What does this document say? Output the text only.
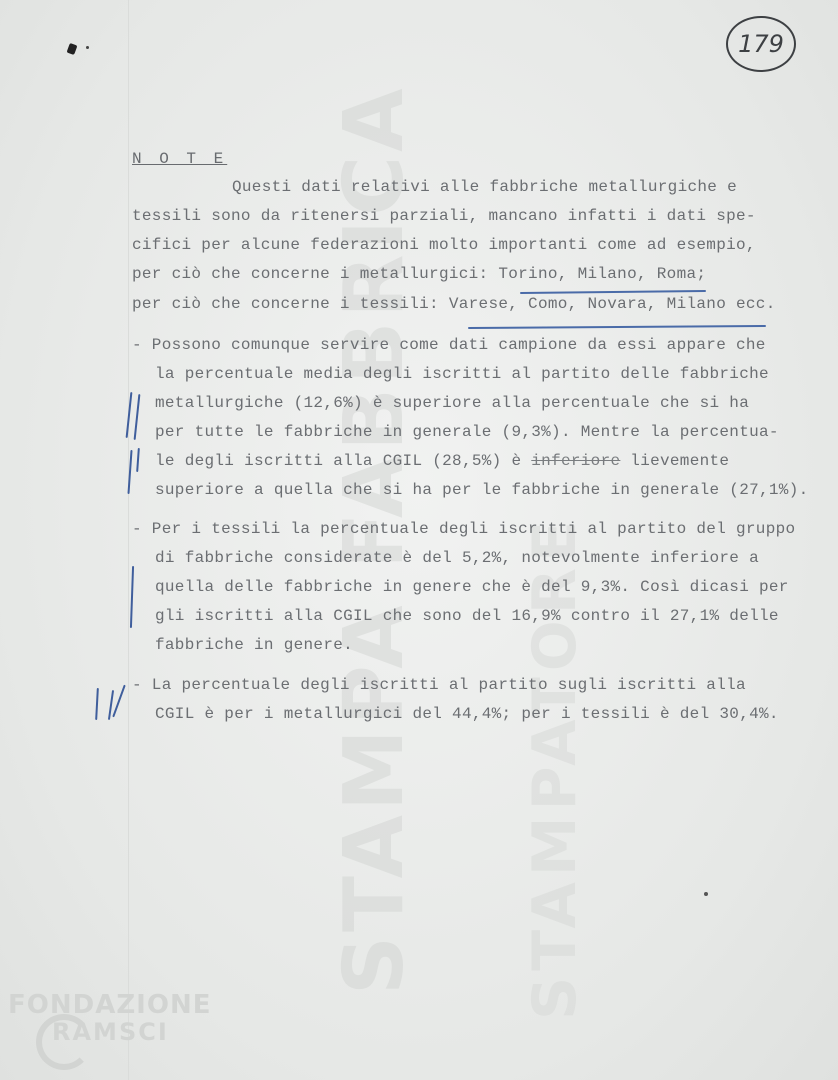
STAMPA FABBRICA	STAMPATORE
179
N O T E
Questi dati relativi alle fabbriche metallurgiche e
tessili sono da ritenersi parziali, mancano infatti i dati spe-
cifici per alcune federazioni molto importanti come ad esempio,
per ciò che concerne i metallurgici: Torino, Milano, Roma;
per ciò che concerne i tessili: Varese, Como, Novara, Milano ecc.
- Possono comunque servire come dati campione da essi appare che
la percentuale media degli iscritti al partito delle fabbriche
metallurgiche (12,6%) è superiore alla percentuale che si ha
per tutte le fabbriche in generale (9,3%). Mentre la percentua-
le degli iscritti alla CGIL (28,5%) è inferiore lievemente
superiore a quella che si ha per le fabbriche in generale (27,1%).
- Per i tessili la percentuale degli iscritti al partito del gruppo
di fabbriche considerate è del 5,2%, notevolmente inferiore a
quella delle fabbriche in genere che è del 9,3%. Così dicasi per
gli iscritti alla CGIL che sono del 16,9% contro il 27,1% delle
fabbriche in genere.
- La percentuale degli iscritti al partito sugli iscritti alla
CGIL è per i metallurgici del 44,4%; per i tessili è del 30,4%.
FONDAZIONE
RAMSCI
